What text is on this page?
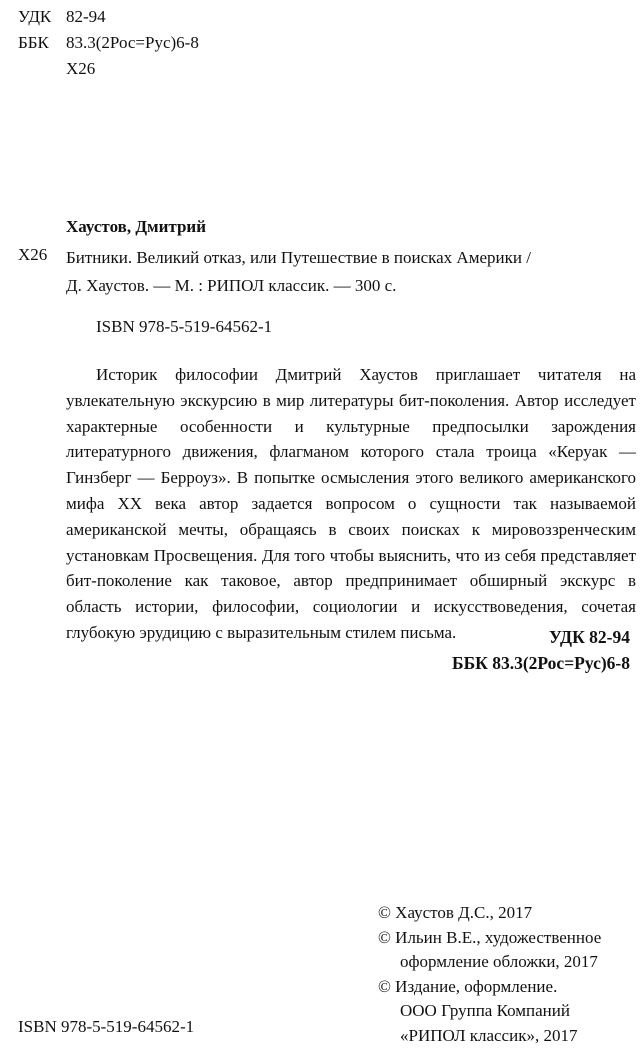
УДК 82-94
ББК 83.3(2Рос=Рус)6-8
Х26
Хаустов, Дмитрий
Х26 Битники. Великий отказ, или Путешествие в поисках Америки /
Д. Хаустов. — М. : РИПОЛ классик. — 300 с.
ISBN 978-5-519-64562-1
Историк философии Дмитрий Хаустов приглашает читателя на увлекательную экскурсию в мир литературы бит-поколения. Автор исследует характерные особенности и культурные предпосылки зарождения литературного движения, флагманом которого стала троица «Керуак — Гинзберг — Берроуз». В попытке осмысления этого великого американского мифа XX века автор задается вопросом о сущности так называемой американской мечты, обращаясь в своих поисках к мировоззренческим установкам Просвещения. Для того чтобы выяснить, что из себя представляет бит-поколение как таковое, автор предпринимает обширный экскурс в область истории, философии, социологии и искусствоведения, сочетая глубокую эрудицию с выразительным стилем письма.	УДК 82-94
ББК 83.3(2Рос=Рус)6-8
© Хаустов Д.С., 2017
© Ильин В.Е., художественное
оформление обложки, 2017
© Издание, оформление.
ООО Группа Компаний
«РИПОЛ классик», 2017
ISBN 978-5-519-64562-1
